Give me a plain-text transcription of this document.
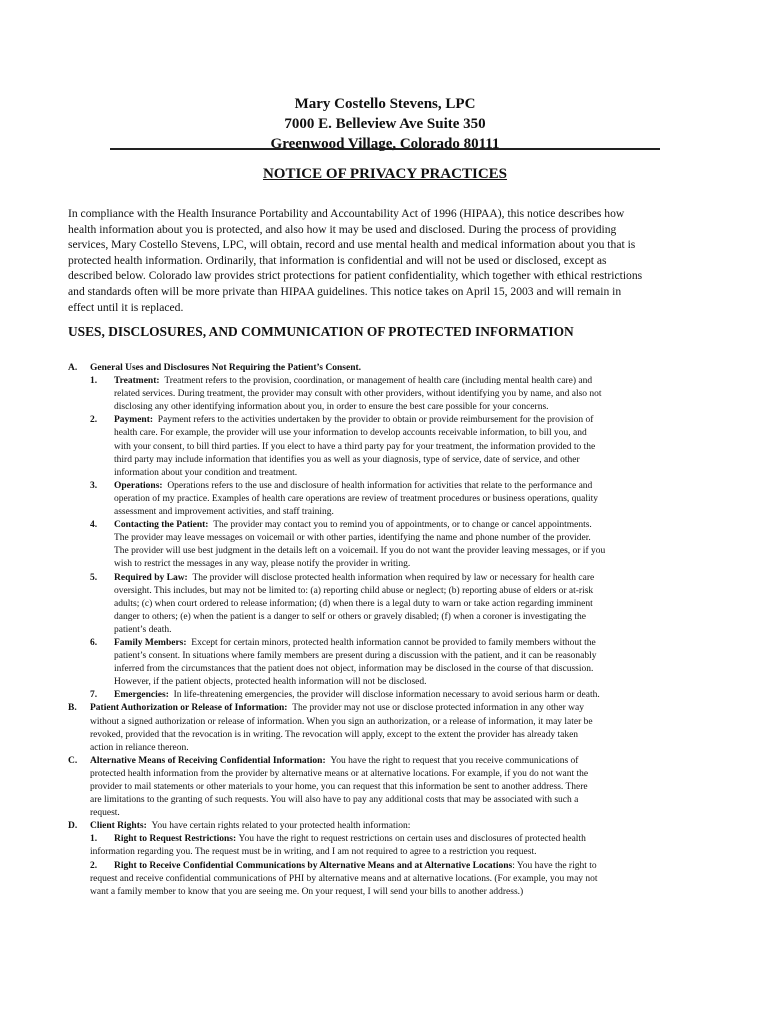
Mary Costello Stevens, LPC
7000 E. Belleview Ave Suite 350
Greenwood Village, Colorado 80111
NOTICE OF PRIVACY PRACTICES
In compliance with the Health Insurance Portability and Accountability Act of 1996 (HIPAA), this notice describes how
health information about you is protected, and also how it may be used and disclosed. During the process of providing
services, Mary Costello Stevens, LPC, will obtain, record and use mental health and medical information about you that is
protected health information. Ordinarily, that information is confidential and will not be used or disclosed, except as
described below. Colorado law provides strict protections for patient confidentiality, which together with ethical restrictions
and standards often will be more private than HIPAA guidelines. This notice takes on April 15, 2003 and will remain in
effect until it is replaced.
USES, DISCLOSURES, AND COMMUNICATION OF PROTECTED INFORMATION
A. General Uses and Disclosures Not Requiring the Patient’s Consent.
1. Treatment: Treatment refers to the provision, coordination, or management of health care (including mental health care) and
related services. During treatment, the provider may consult with other providers, without identifying you by name, and also not
disclosing any other identifying information about you, in order to ensure the best care possible for your concerns.
2. Payment: Payment refers to the activities undertaken by the provider to obtain or provide reimbursement for the provision of
health care. For example, the provider will use your information to develop accounts receivable information, to bill you, and
with your consent, to bill third parties. If you elect to have a third party pay for your treatment, the information provided to the
third party may include information that identifies you as well as your diagnosis, type of service, date of service, and other
information about your condition and treatment.
3. Operations: Operations refers to the use and disclosure of health information for activities that relate to the performance and
operation of my practice. Examples of health care operations are review of treatment procedures or business operations, quality
assessment and improvement activities, and staff training.
4. Contacting the Patient: The provider may contact you to remind you of appointments, or to change or cancel appointments.
The provider may leave messages on voicemail or with other parties, identifying the name and phone number of the provider.
The provider will use best judgment in the details left on a voicemail. If you do not want the provider leaving messages, or if you
wish to restrict the messages in any way, please notify the provider in writing.
5. Required by Law: The provider will disclose protected health information when required by law or necessary for health care
oversight. This includes, but may not be limited to: (a) reporting child abuse or neglect; (b) reporting abuse of elders or at-risk
adults; (c) when court ordered to release information; (d) when there is a legal duty to warn or take action regarding imminent
danger to others; (e) when the patient is a danger to self or others or gravely disabled; (f) when a coroner is investigating the
patient’s death.
6. Family Members: Except for certain minors, protected health information cannot be provided to family members without the
patient’s consent. In situations where family members are present during a discussion with the patient, and it can be reasonably
inferred from the circumstances that the patient does not object, information may be disclosed in the course of that discussion.
However, if the patient objects, protected health information will not be disclosed.
7. Emergencies: In life-threatening emergencies, the provider will disclose information necessary to avoid serious harm or death.
B. Patient Authorization or Release of Information: The provider may not use or disclose protected information in any other way
without a signed authorization or release of information. When you sign an authorization, or a release of information, it may later be
revoked, provided that the revocation is in writing. The revocation will apply, except to the extent the provider has already taken
action in reliance thereon.
C. Alternative Means of Receiving Confidential Information: You have the right to request that you receive communications of
protected health information from the provider by alternative means or at alternative locations. For example, if you do not want the
provider to mail statements or other materials to your home, you can request that this information be sent to another address. There
are limitations to the granting of such requests. You will also have to pay any additional costs that may be associated with such a
request.
D. Client Rights: You have certain rights related to your protected health information:
1. Right to Request Restrictions: You have the right to request restrictions on certain uses and disclosures of protected health
information regarding you. The request must be in writing, and I am not required to agree to a restriction you request.
2. Right to Receive Confidential Communications by Alternative Means and at Alternative Locations: You have the right to
request and receive confidential communications of PHI by alternative means and at alternative locations. (For example, you may not
want a family member to know that you are seeing me. On your request, I will send your bills to another address.)
